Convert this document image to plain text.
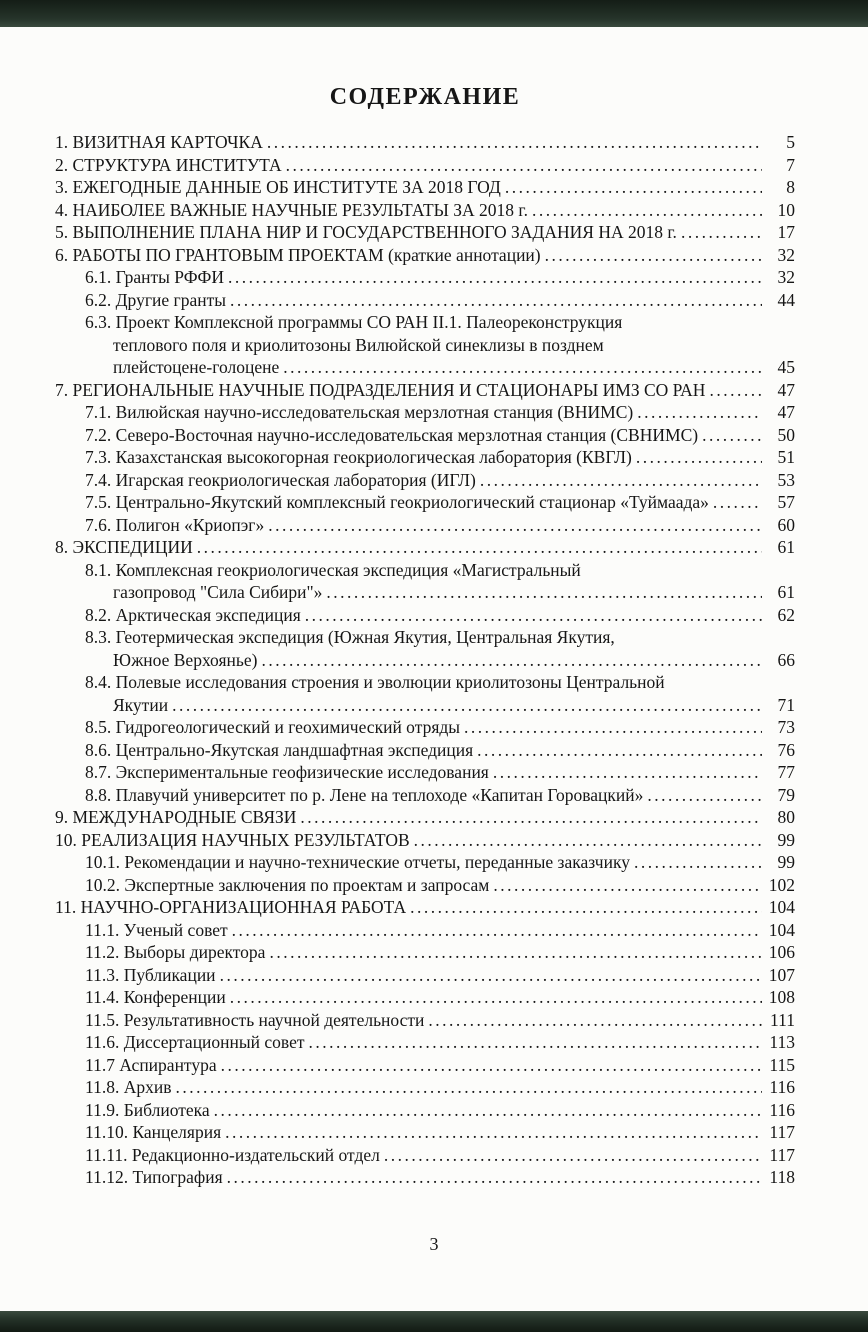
СОДЕРЖАНИЕ
1. ВИЗИТНАЯ КАРТОЧКА .....	5
2. СТРУКТУРА ИНСТИТУТА .....	7
3. ЕЖЕГОДНЫЕ ДАННЫЕ ОБ ИНСТИТУТЕ ЗА 2018 ГОД .....	8
4. НАИБОЛЕЕ ВАЖНЫЕ НАУЧНЫЕ РЕЗУЛЬТАТЫ ЗА 2018 г. .....	10
5. ВЫПОЛНЕНИЕ ПЛАНА НИР И ГОСУДАРСТВЕННОГО ЗАДАНИЯ НА 2018 г. .....	17
6. РАБОТЫ ПО ГРАНТОВЫМ ПРОЕКТАМ (краткие аннотации) .....	32
6.1. Гранты РФФИ .....	32
6.2. Другие гранты .....	44
6.3. Проект Комплексной программы СО РАН II.1. Палеореконструкция
теплового поля и криолитозоны Вилюйской синеклизы в позднем
плейстоцене-голоцене .....	45
7. РЕГИОНАЛЬНЫЕ НАУЧНЫЕ ПОДРАЗДЕЛЕНИЯ И СТАЦИОНАРЫ ИМЗ СО РАН .....	47
7.1. Вилюйская научно-исследовательская мерзлотная станция (ВНИМС) .....	47
7.2. Северо-Восточная научно-исследовательская мерзлотная станция (СВНИМС) .....	50
7.3. Казахстанская высокогорная геокриологическая лаборатория (КВГЛ) .....	51
7.4. Игарская геокриологическая лаборатория (ИГЛ) .....	53
7.5. Центрально-Якутский комплексный геокриологический стационар «Туймаада» .....	57
7.6. Полигон «Криопэг» .....	60
8. ЭКСПЕДИЦИИ .....	61
8.1. Комплексная геокриологическая экспедиция «Магистральный
газопровод "Сила Сибири"» .....	61
8.2. Арктическая экспедиция .....	62
8.3. Геотермическая экспедиция (Южная Якутия, Центральная Якутия,
Южное Верхоянье) .....	66
8.4. Полевые исследования строения и эволюции криолитозоны Центральной
Якутии .....	71
8.5. Гидрогеологический и геохимический отряды .....	73
8.6. Центрально-Якутская ландшафтная экспедиция .....	76
8.7. Экспериментальные геофизические исследования .....	77
8.8. Плавучий университет по р. Лене на теплоходе «Капитан Горовацкий» .....	79
9. МЕЖДУНАРОДНЫЕ СВЯЗИ .....	80
10. РЕАЛИЗАЦИЯ НАУЧНЫХ РЕЗУЛЬТАТОВ .....	99
10.1. Рекомендации и научно-технические отчеты, переданные заказчику .....	99
10.2. Экспертные заключения по проектам и запросам .....	102
11. НАУЧНО-ОРГАНИЗАЦИОННАЯ РАБОТА .....	104
11.1. Ученый совет .....	104
11.2. Выборы директора .....	106
11.3. Публикации .....	107
11.4. Конференции .....	108
11.5. Результативность научной деятельности .....	111
11.6. Диссертационный совет .....	113
11.7 Аспирантура .....	115
11.8. Архив .....	116
11.9. Библиотека .....	116
11.10. Канцелярия .....	117
11.11. Редакционно-издательский отдел .....	117
11.12. Типография .....	118
3
